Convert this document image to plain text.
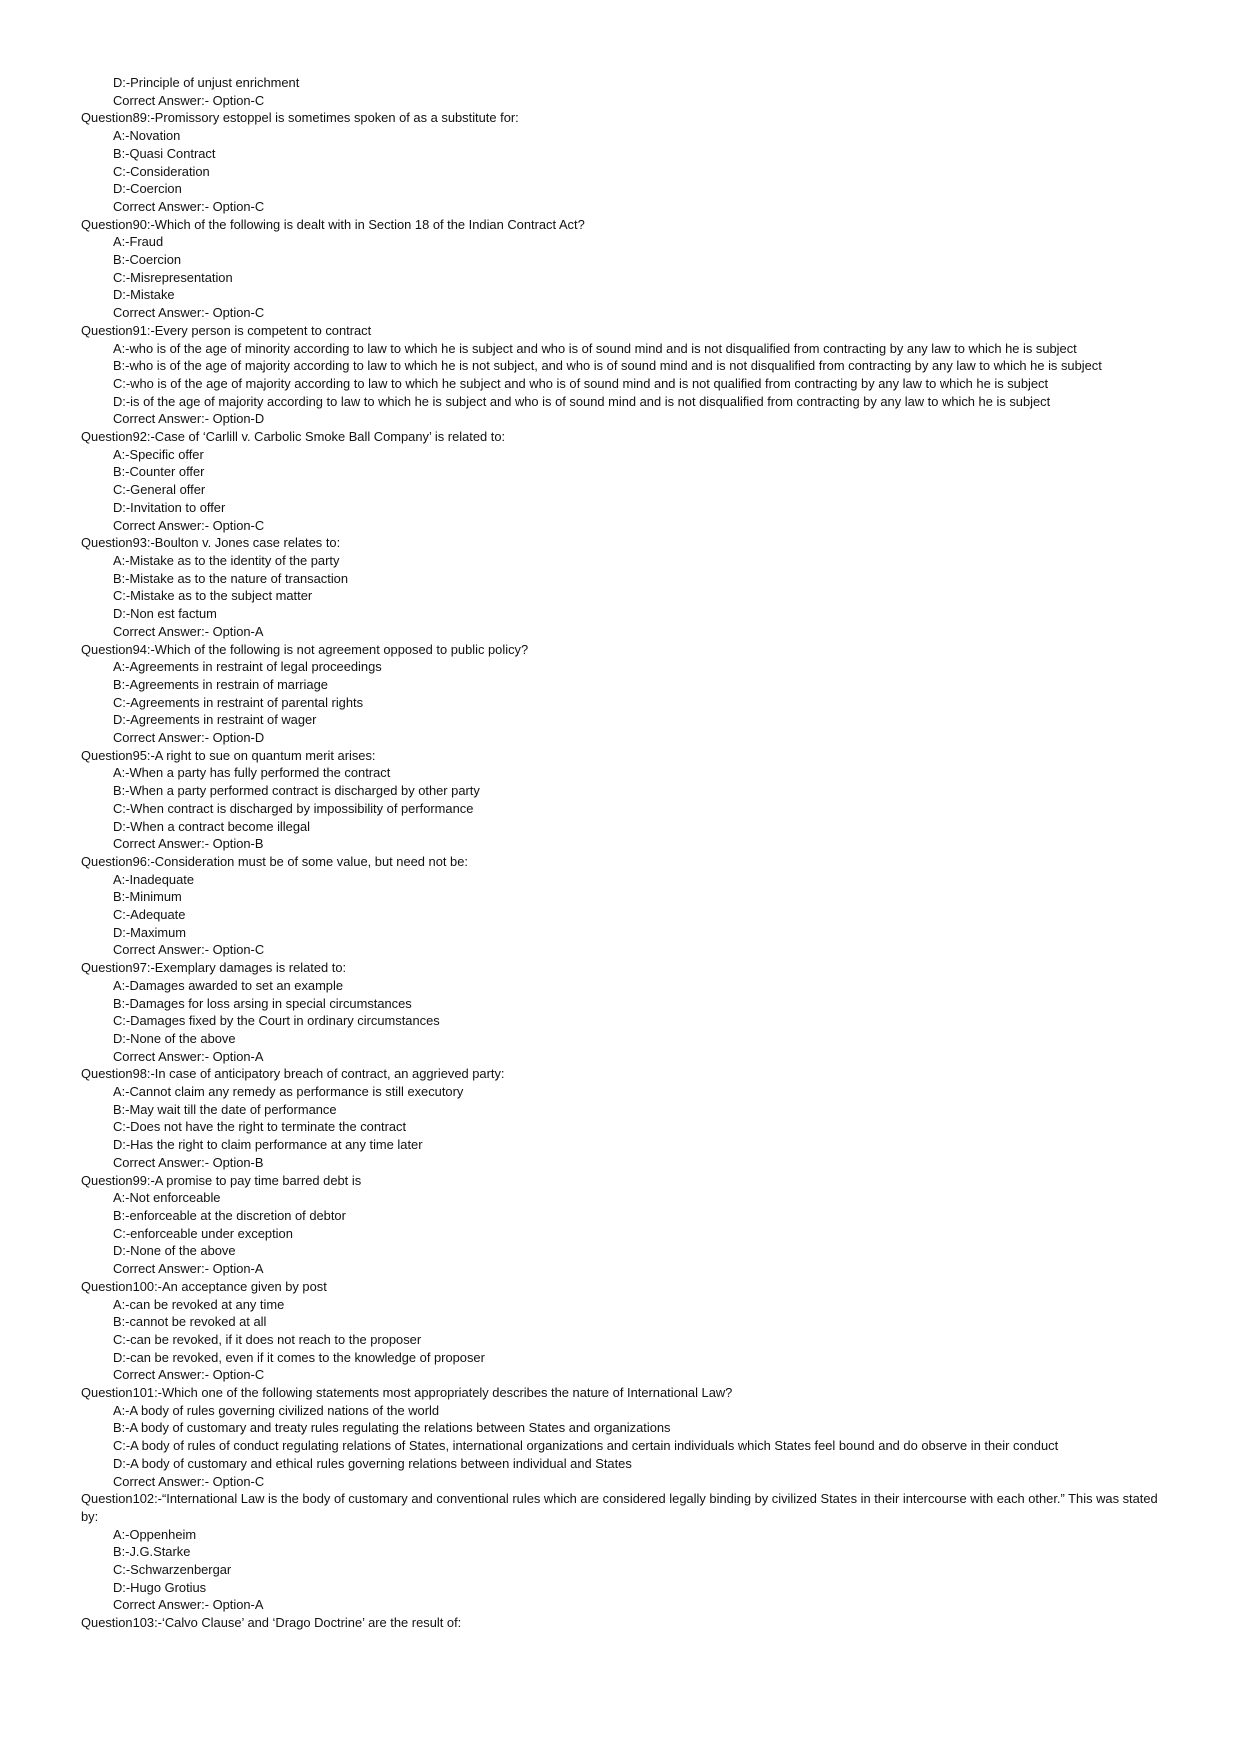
D:-Principle of unjust enrichment

Correct Answer:- Option-C

Question89:-Promissory estoppel is sometimes spoken of as a substitute for:

A:-Novation

B:-Quasi Contract

C:-Consideration

D:-Coercion

Correct Answer:- Option-C

Question90:-Which of the following is dealt with in Section 18 of the Indian Contract Act?

A:-Fraud

B:-Coercion

C:-Misrepresentation

D:-Mistake

Correct Answer:- Option-C

Question91:-Every person is competent to contract

A:-who is of the age of minority according to law to which he is subject and who is of sound mind and is not disqualified from contracting by any law to which he is subject

B:-who is of the age of majority according to law to which he is not subject, and who is of sound mind and is not disqualified from contracting by any law to which he is subject

C:-who is of the age of majority according to law to which he subject and who is of sound mind and is not qualified from contracting by any law to which he is subject

D:-is of the age of majority according to law to which he is subject and who is of sound mind and is not disqualified from contracting by any law to which he is subject

Correct Answer:- Option-D

Question92:-Case of ‘Carlill v. Carbolic Smoke Ball Company’ is related to:

A:-Specific offer

B:-Counter offer

C:-General offer

D:-Invitation to offer

Correct Answer:- Option-C

Question93:-Boulton v. Jones case relates to:

A:-Mistake as to the identity of the party

B:-Mistake as to the nature of transaction

C:-Mistake as to the subject matter

D:-Non est factum

Correct Answer:- Option-A

Question94:-Which of the following is not agreement opposed to public policy?

A:-Agreements in restraint of legal proceedings

B:-Agreements in restrain of marriage

C:-Agreements in restraint of parental rights

D:-Agreements in restraint of wager

Correct Answer:- Option-D

Question95:-A right to sue on quantum merit arises:

A:-When a party has fully performed the contract

B:-When a party performed contract is discharged by other party

C:-When contract is discharged by impossibility of performance

D:-When a contract become illegal

Correct Answer:- Option-B

Question96:-Consideration must be of some value, but need not be:

A:-Inadequate

B:-Minimum

C:-Adequate

D:-Maximum

Correct Answer:- Option-C

Question97:-Exemplary damages is related to:

A:-Damages awarded to set an example

B:-Damages for loss arsing in special circumstances

C:-Damages fixed by the Court in ordinary circumstances

D:-None of the above

Correct Answer:- Option-A

Question98:-In case of anticipatory breach of contract, an aggrieved party:

A:-Cannot claim any remedy as performance is still executory

B:-May wait till the date of performance

C:-Does not have the right to terminate the contract

D:-Has the right to claim performance at any time later

Correct Answer:- Option-B

Question99:-A promise to pay time barred debt is

A:-Not enforceable

B:-enforceable at the discretion of debtor

C:-enforceable under exception

D:-None of the above

Correct Answer:- Option-A

Question100:-An acceptance given by post

A:-can be revoked at any time

B:-cannot be revoked at all

C:-can be revoked, if it does not reach to the proposer

D:-can be revoked, even if it comes to the knowledge of proposer

Correct Answer:- Option-C

Question101:-Which one of the following statements most appropriately describes the nature of International Law?

A:-A body of rules governing civilized nations of the world

B:-A body of customary and treaty rules regulating the relations between States and organizations

C:-A body of rules of conduct regulating relations of States, international organizations and certain individuals which States feel bound and do observe in their conduct

D:-A body of customary and ethical rules governing relations between individual and States

Correct Answer:- Option-C

Question102:-“International Law is the body of customary and conventional rules which are considered legally binding by civilized States in their intercourse with each other.” This was stated by:

A:-Oppenheim

B:-J.G.Starke

C:-Schwarzenbergar

D:-Hugo Grotius

Correct Answer:- Option-A

Question103:-‘Calvo Clause’ and ‘Drago Doctrine’ are the result of:
